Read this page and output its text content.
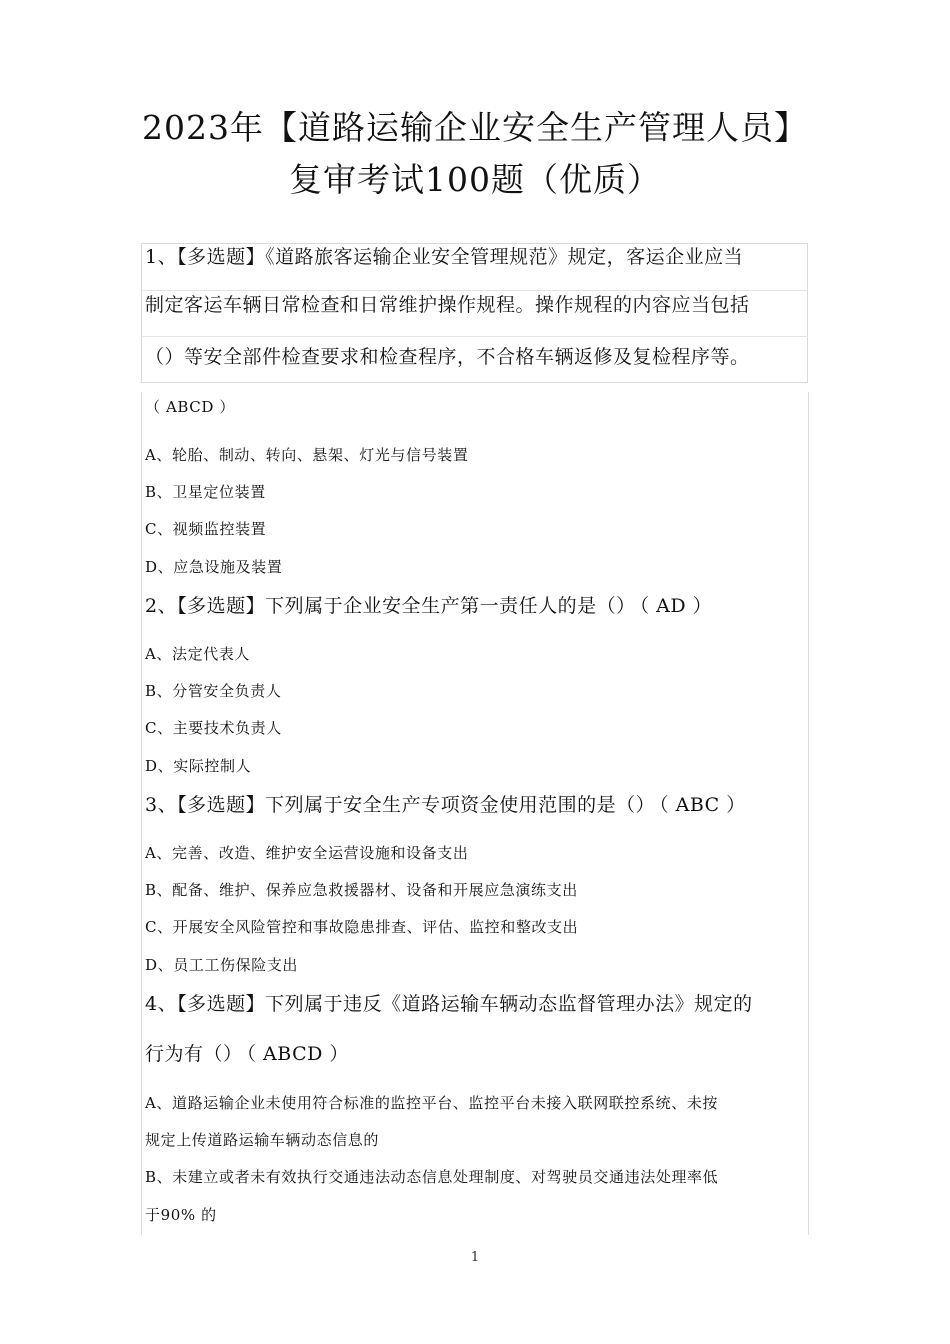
2023年【道路运输企业安全生产管理人员】
复审考试100题（优质）
1、【多选题】《道路旅客运输企业安全管理规范》规定，客运企业应当
制定客运车辆日常检查和日常维护操作规程。操作规程的内容应当包括
（）等安全部件检查要求和检查程序，不合格车辆返修及复检程序等。
（ ABCD ）
A、轮胎、制动、转向、悬架、灯光与信号装置
B、卫星定位装置
C、视频监控装置
D、应急设施及装置
2、【多选题】下列属于企业安全生产第一责任人的是（） （ AD ）
A、法定代表人
B、分管安全负责人
C、主要技术负责人
D、实际控制人
3、【多选题】下列属于安全生产专项资金使用范围的是（） （ ABC ）
A、完善、改造、维护安全运营设施和设备支出
B、配备、维护、保养应急救援器材、设备和开展应急演练支出
C、开展安全风险管控和事故隐患排查、评估、监控和整改支出
D、员工工伤保险支出
4、【多选题】下列属于违反《道路运输车辆动态监督管理办法》规定的
行为有（） （ ABCD ）
A、道路运输企业未使用符合标准的监控平台、监控平台未接入联网联控系统、未按
规定上传道路运输车辆动态信息的
B、未建立或者未有效执行交通违法动态信息处理制度、对驾驶员交通违法处理率低
于90% 的
1
